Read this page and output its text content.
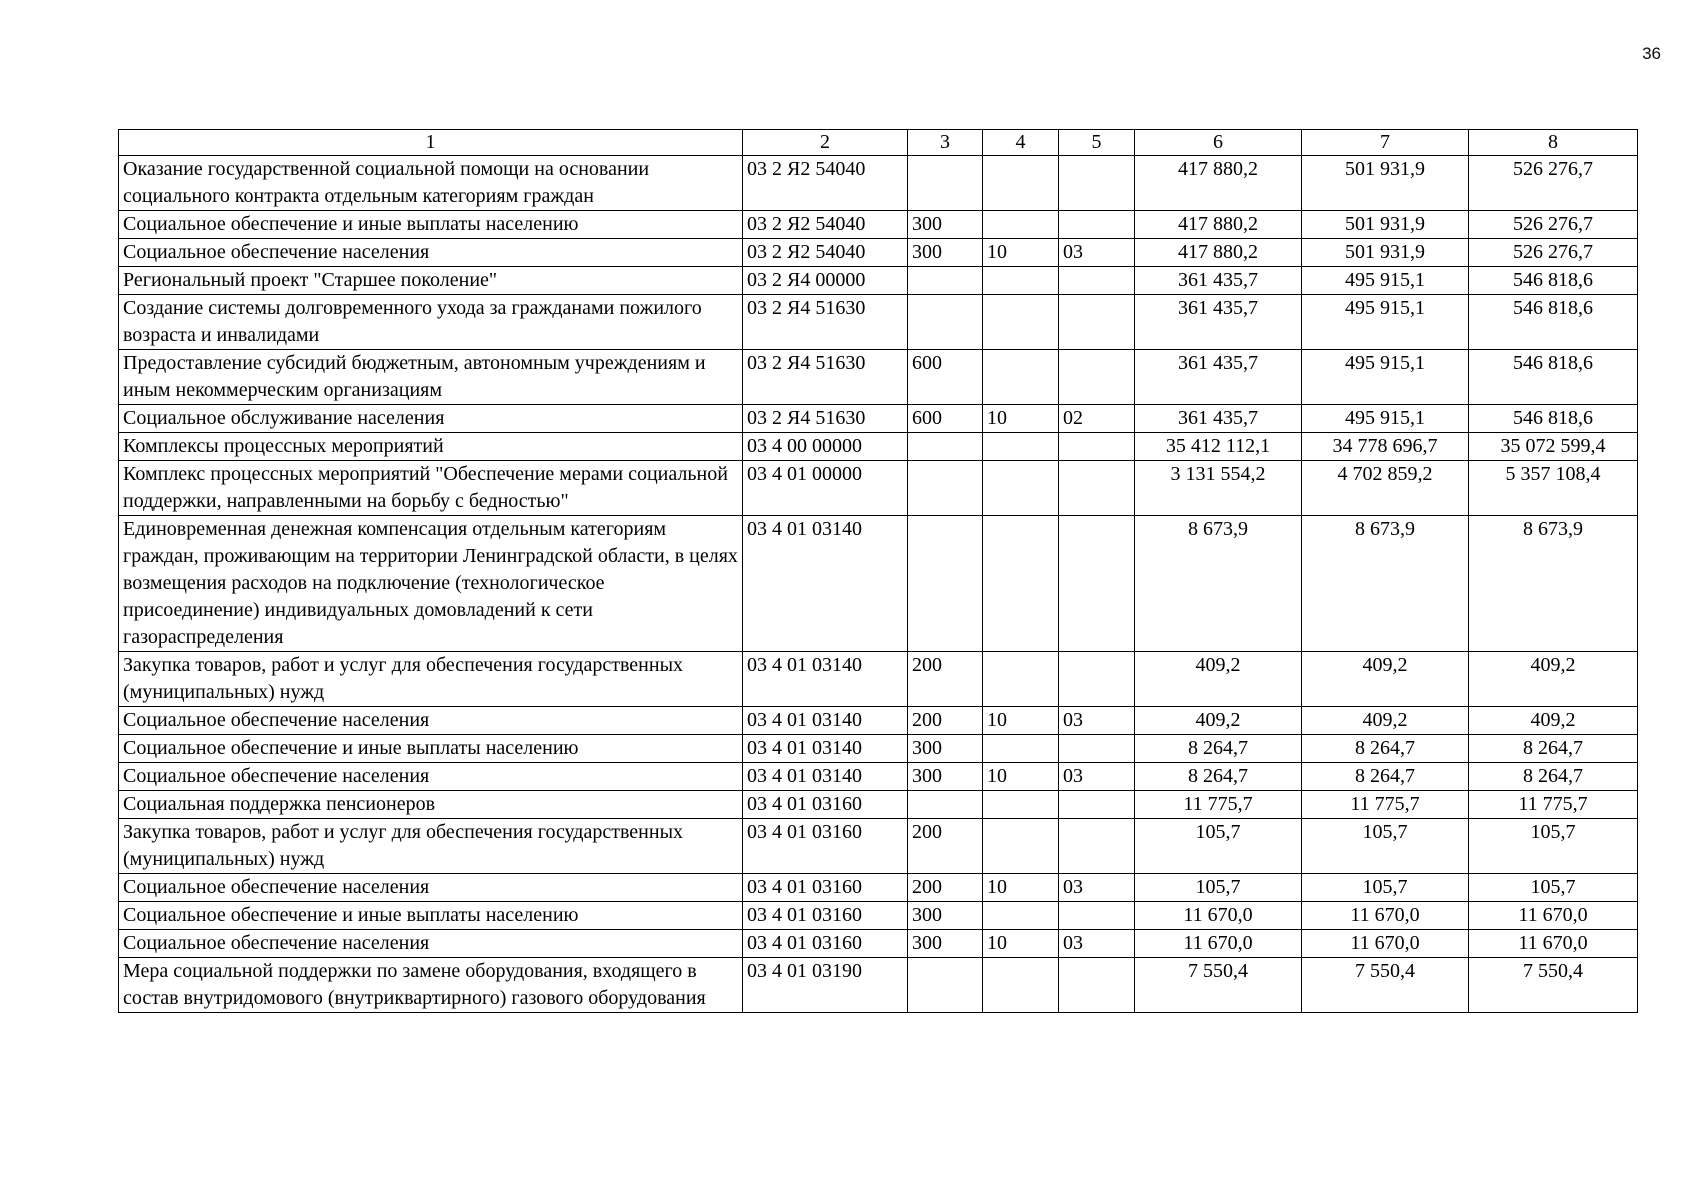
36
1	2	3	4	5	6	7	8
Оказание государственной социальной помощи на основании социального контракта отдельным категориям граждан	03 2 Я2 54040				417 880,2	501 931,9	526 276,7
Социальное обеспечение и иные выплаты населению	03 2 Я2 54040	300			417 880,2	501 931,9	526 276,7
Социальное обеспечение населения	03 2 Я2 54040	300	10	03	417 880,2	501 931,9	526 276,7
Региональный проект "Старшее поколение"	03 2 Я4 00000				361 435,7	495 915,1	546 818,6
Создание системы долговременного ухода за гражданами пожилого возраста и инвалидами	03 2 Я4 51630				361 435,7	495 915,1	546 818,6
Предоставление субсидий бюджетным, автономным учреждениям и иным некоммерческим организациям	03 2 Я4 51630	600			361 435,7	495 915,1	546 818,6
Социальное обслуживание населения	03 2 Я4 51630	600	10	02	361 435,7	495 915,1	546 818,6
Комплексы процессных мероприятий	03 4 00 00000				35 412 112,1	34 778 696,7	35 072 599,4
Комплекс процессных мероприятий "Обеспечение мерами социальной поддержки, направленными на борьбу с бедностью"	03 4 01 00000				3 131 554,2	4 702 859,2	5 357 108,4
Единовременная денежная компенсация отдельным категориям граждан, проживающим на территории Ленинградской области, в целях возмещения расходов на подключение (технологическое присоединение) индивидуальных домовладений к сети газораспределения	03 4 01 03140				8 673,9	8 673,9	8 673,9
Закупка товаров, работ и услуг для обеспечения государственных (муниципальных) нужд	03 4 01 03140	200			409,2	409,2	409,2
Социальное обеспечение населения	03 4 01 03140	200	10	03	409,2	409,2	409,2
Социальное обеспечение и иные выплаты населению	03 4 01 03140	300			8 264,7	8 264,7	8 264,7
Социальное обеспечение населения	03 4 01 03140	300	10	03	8 264,7	8 264,7	8 264,7
Социальная поддержка пенсионеров	03 4 01 03160				11 775,7	11 775,7	11 775,7
Закупка товаров, работ и услуг для обеспечения государственных (муниципальных) нужд	03 4 01 03160	200			105,7	105,7	105,7
Социальное обеспечение населения	03 4 01 03160	200	10	03	105,7	105,7	105,7
Социальное обеспечение и иные выплаты населению	03 4 01 03160	300			11 670,0	11 670,0	11 670,0
Социальное обеспечение населения	03 4 01 03160	300	10	03	11 670,0	11 670,0	11 670,0
Мера социальной поддержки по замене оборудования, входящего в состав внутридомового (внутриквартирного) газового оборудования	03 4 01 03190				7 550,4	7 550,4	7 550,4
